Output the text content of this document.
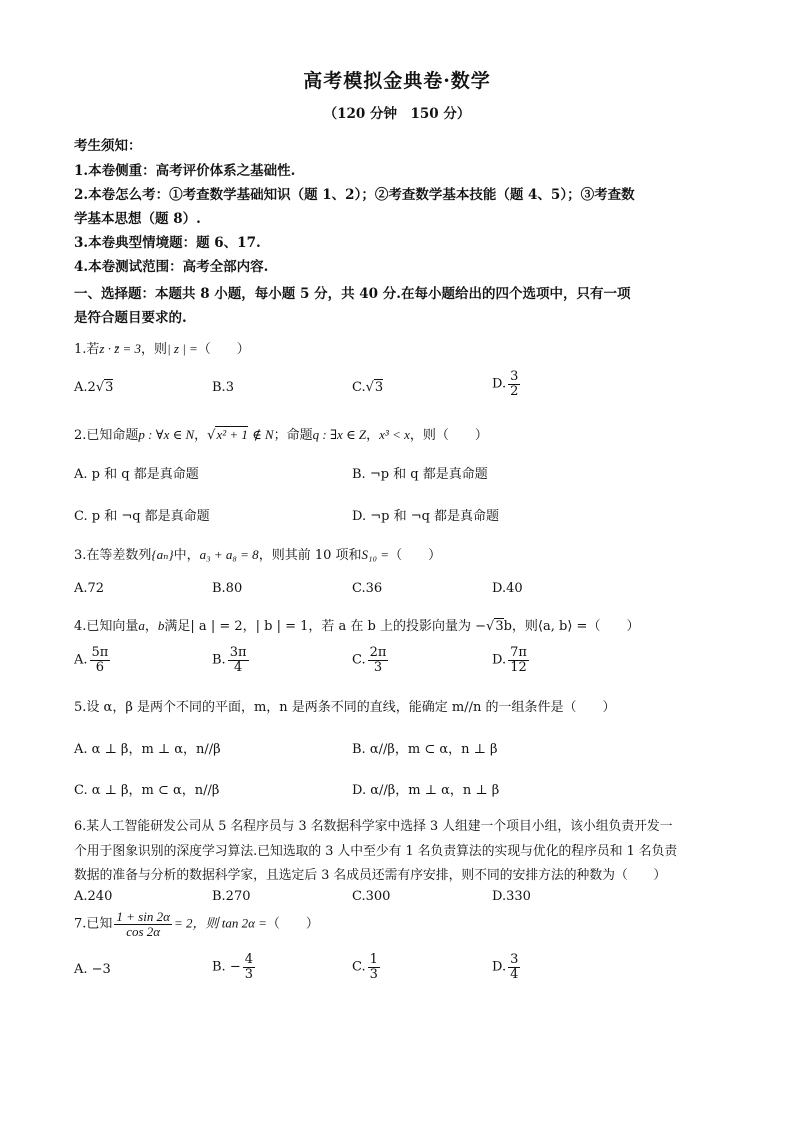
高考模拟金典卷·数学
（120 分钟　150 分）
考生须知：
1.本卷侧重：高考评价体系之基础性.
2.本卷怎么考：①考查数学基础知识（题 1、2）；②考查数学基本技能（题 4、5）；③考查数
学基本思想（题 8）.
3.本卷典型情境题：题 6、17.
4.本卷测试范围：高考全部内容.
一、选择题：本题共 8 小题，每小题 5 分，共 40 分.在每小题给出的四个选项中，只有一项
是符合题目要求的.
1.若z · z̄ = 3，则| z | =（　　）
A.2√3	B.3	C.√3	D. $\frac{3}{2}$
2.已知命题p : ∀x ∈ N，√x² + 1 ∉ N；命题q : ∃x ∈ Z，x³ < x，则（　　）
A. p 和 q 都是真命题	B. ¬p 和 q 都是真命题
C. p 和 ¬q 都是真命题	D. ¬p 和 ¬q 都是真命题
3.在等差数列{aₙ}中，a₃ + a₈ = 8，则其前 10 项和S₁₀ =（　　）
A.72	B.80	C.36	D.40
4.已知向量a，b满足| a | = 2，| b | = 1，若 a 在 b 上的投影向量为 −√3b，则⟨a, b⟩ =（　　）
A. $\frac{5\pi}{6}$	B. $\frac{3\pi}{4}$	C. $\frac{2\pi}{3}$	D. $\frac{7\pi}{12}$
5.设 α，β 是两个不同的平面，m，n 是两条不同的直线，能确定 m//n 的一组条件是（　　）
A. α ⊥ β，m ⊥ α，n//β	B. α//β，m ⊂ α，n ⊥ β
C. α ⊥ β，m ⊂ α，n//β	D. α//β，m ⊥ α，n ⊥ β
6.某人工智能研发公司从 5 名程序员与 3 名数据科学家中选择 3 人组建一个项目小组，该小组负责开发一
个用于图象识别的深度学习算法.已知选取的 3 人中至少有 1 名负责算法的实现与优化的程序员和 1 名负责
数据的准备与分析的数据科学家，且选定后 3 名成员还需有序安排，则不同的安排方法的种数为（　　）
A.240	B.270	C.300	D.330
7.已知 $\frac{1 + \sin 2\alpha}{\cos 2\alpha} = 2$，则 tan 2α =（　　）
A. −3	B. − $\frac{4}{3}$	C. $\frac{1}{3}$	D. $\frac{3}{4}$
